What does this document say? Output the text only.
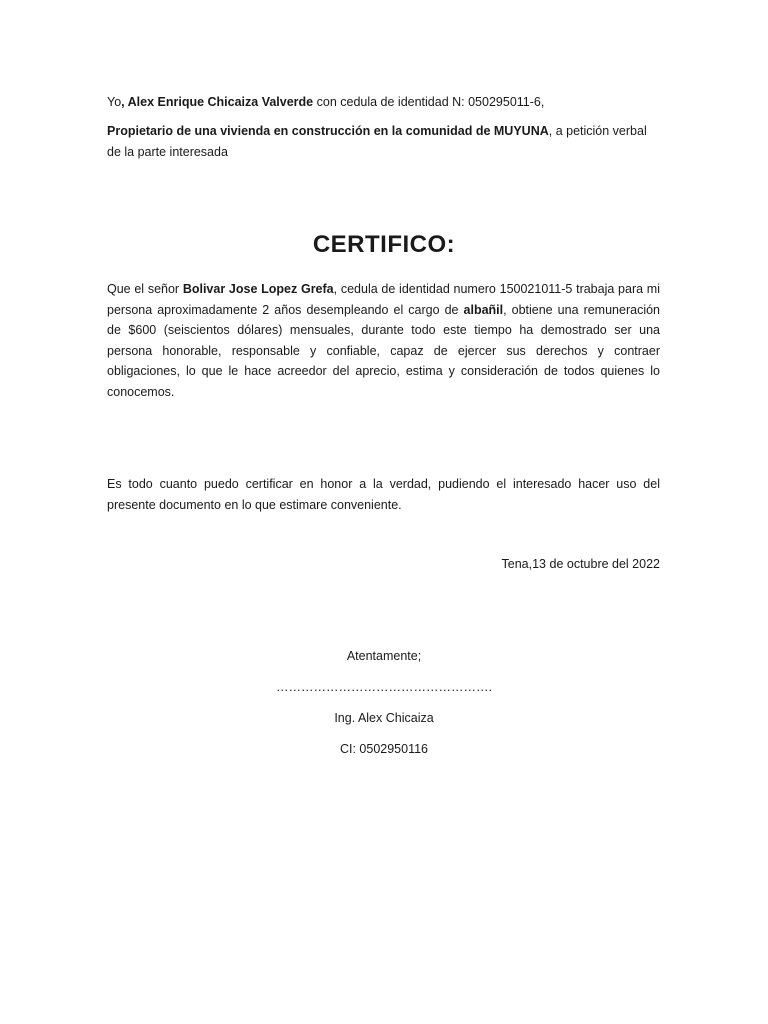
Yo, Alex Enrique Chicaiza Valverde con cedula de identidad N: 050295011-6,
Propietario de una vivienda en construcción en la comunidad de MUYUNA, a petición verbal de la parte interesada
CERTIFICO:
Que el señor Bolivar Jose Lopez Grefa, cedula de identidad numero 150021011-5 trabaja para mi persona aproximadamente 2 años desempleando el cargo de albañil, obtiene una remuneración de $600 (seiscientos dólares) mensuales, durante todo este tiempo ha demostrado ser una persona honorable, responsable y confiable, capaz de ejercer sus derechos y contraer obligaciones, lo que le hace acreedor del aprecio, estima y consideración de todos quienes lo conocemos.
Es todo cuanto puedo certificar en honor a la verdad, pudiendo el interesado hacer uso del presente documento en lo que estimare conveniente.
Tena,13 de octubre del 2022
Atentamente;
…………………………………………….
Ing. Alex Chicaiza
CI: 0502950116
